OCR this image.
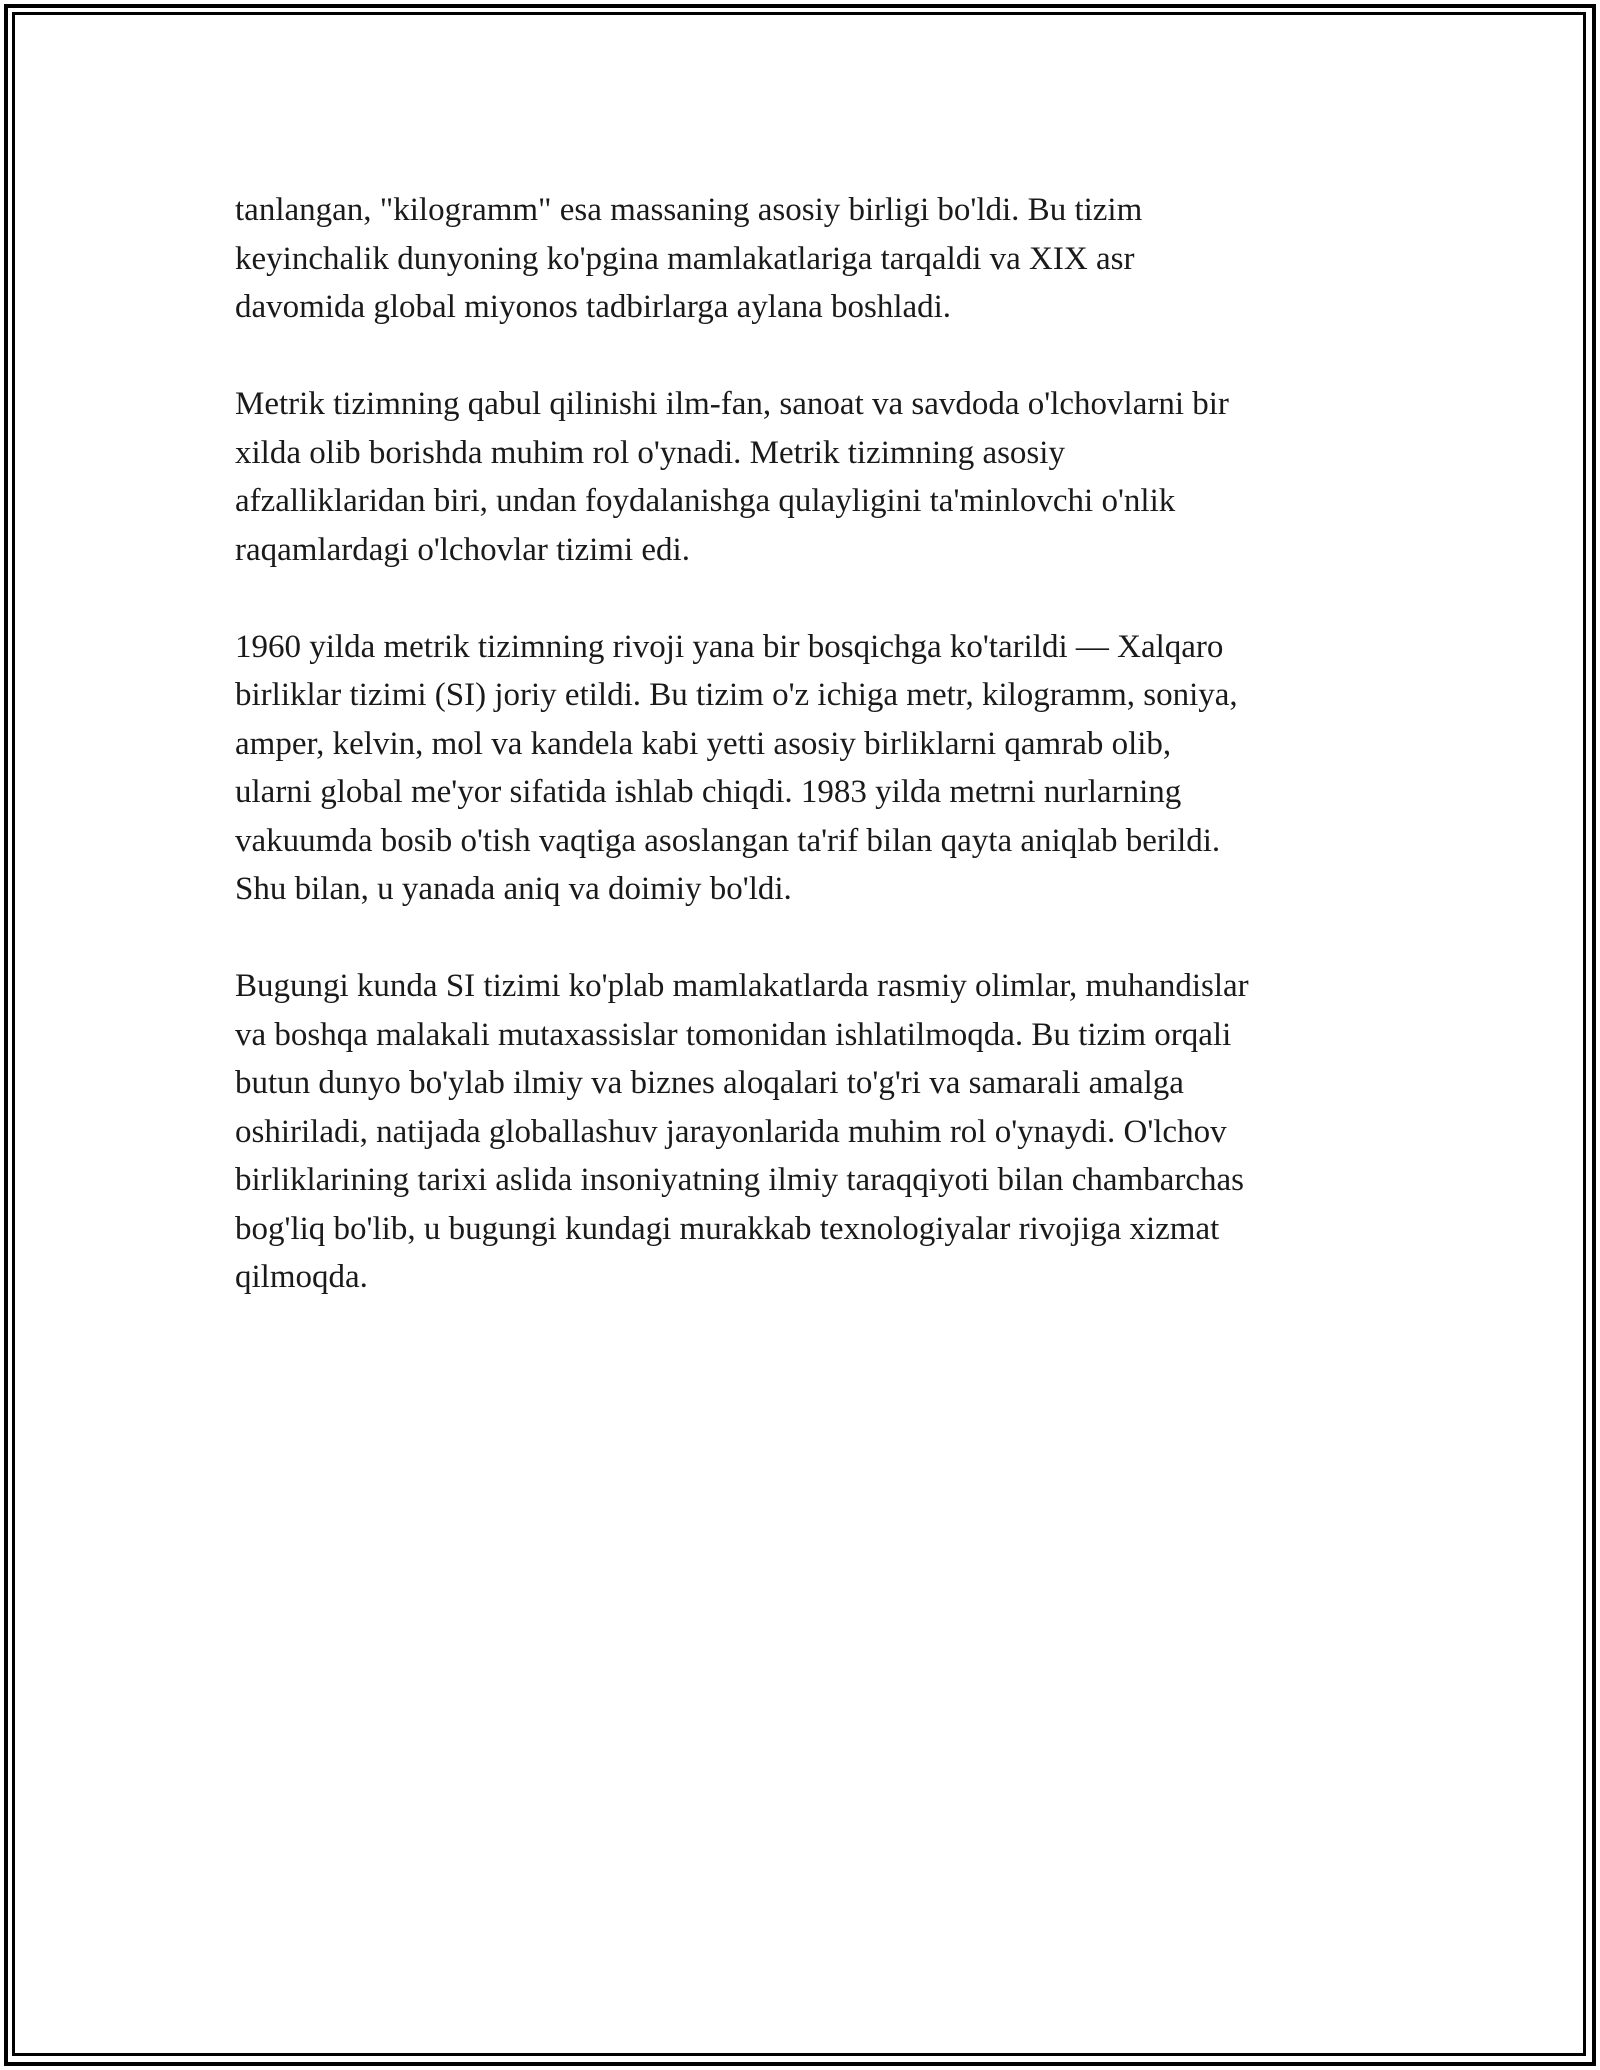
tanlangan, "kilogramm" esa massaning asosiy birligi bo'ldi. Bu tizim
keyinchalik dunyoning ko'pgina mamlakatlariga tarqaldi va XIX asr
davomida global miyonos tadbirlarga aylana boshladi.

Metrik tizimning qabul qilinishi ilm-fan, sanoat va savdoda o'lchovlarni bir
xilda olib borishda muhim rol o'ynadi. Metrik tizimning asosiy
afzalliklaridan biri, undan foydalanishga qulayligini ta'minlovchi o'nlik
raqamlardagi o'lchovlar tizimi edi.

1960 yilda metrik tizimning rivoji yana bir bosqichga ko'tarildi — Xalqaro
birliklar tizimi (SI) joriy etildi. Bu tizim o'z ichiga metr, kilogramm, soniya,
amper, kelvin, mol va kandela kabi yetti asosiy birliklarni qamrab olib,
ularni global me'yor sifatida ishlab chiqdi. 1983 yilda metrni nurlarning
vakuumda bosib o'tish vaqtiga asoslangan ta'rif bilan qayta aniqlab berildi.
Shu bilan, u yanada aniq va doimiy bo'ldi.

Bugungi kunda SI tizimi ko'plab mamlakatlarda rasmiy olimlar, muhandislar
va boshqa malakali mutaxassislar tomonidan ishlatilmoqda. Bu tizim orqali
butun dunyo bo'ylab ilmiy va biznes aloqalari to'g'ri va samarali amalga
oshiriladi, natijada globallashuv jarayonlarida muhim rol o'ynaydi. O'lchov
birliklarining tarixi aslida insoniyatning ilmiy taraqqiyoti bilan chambarchas
bog'liq bo'lib, u bugungi kundagi murakkab texnologiyalar rivojiga xizmat
qilmoqda.
